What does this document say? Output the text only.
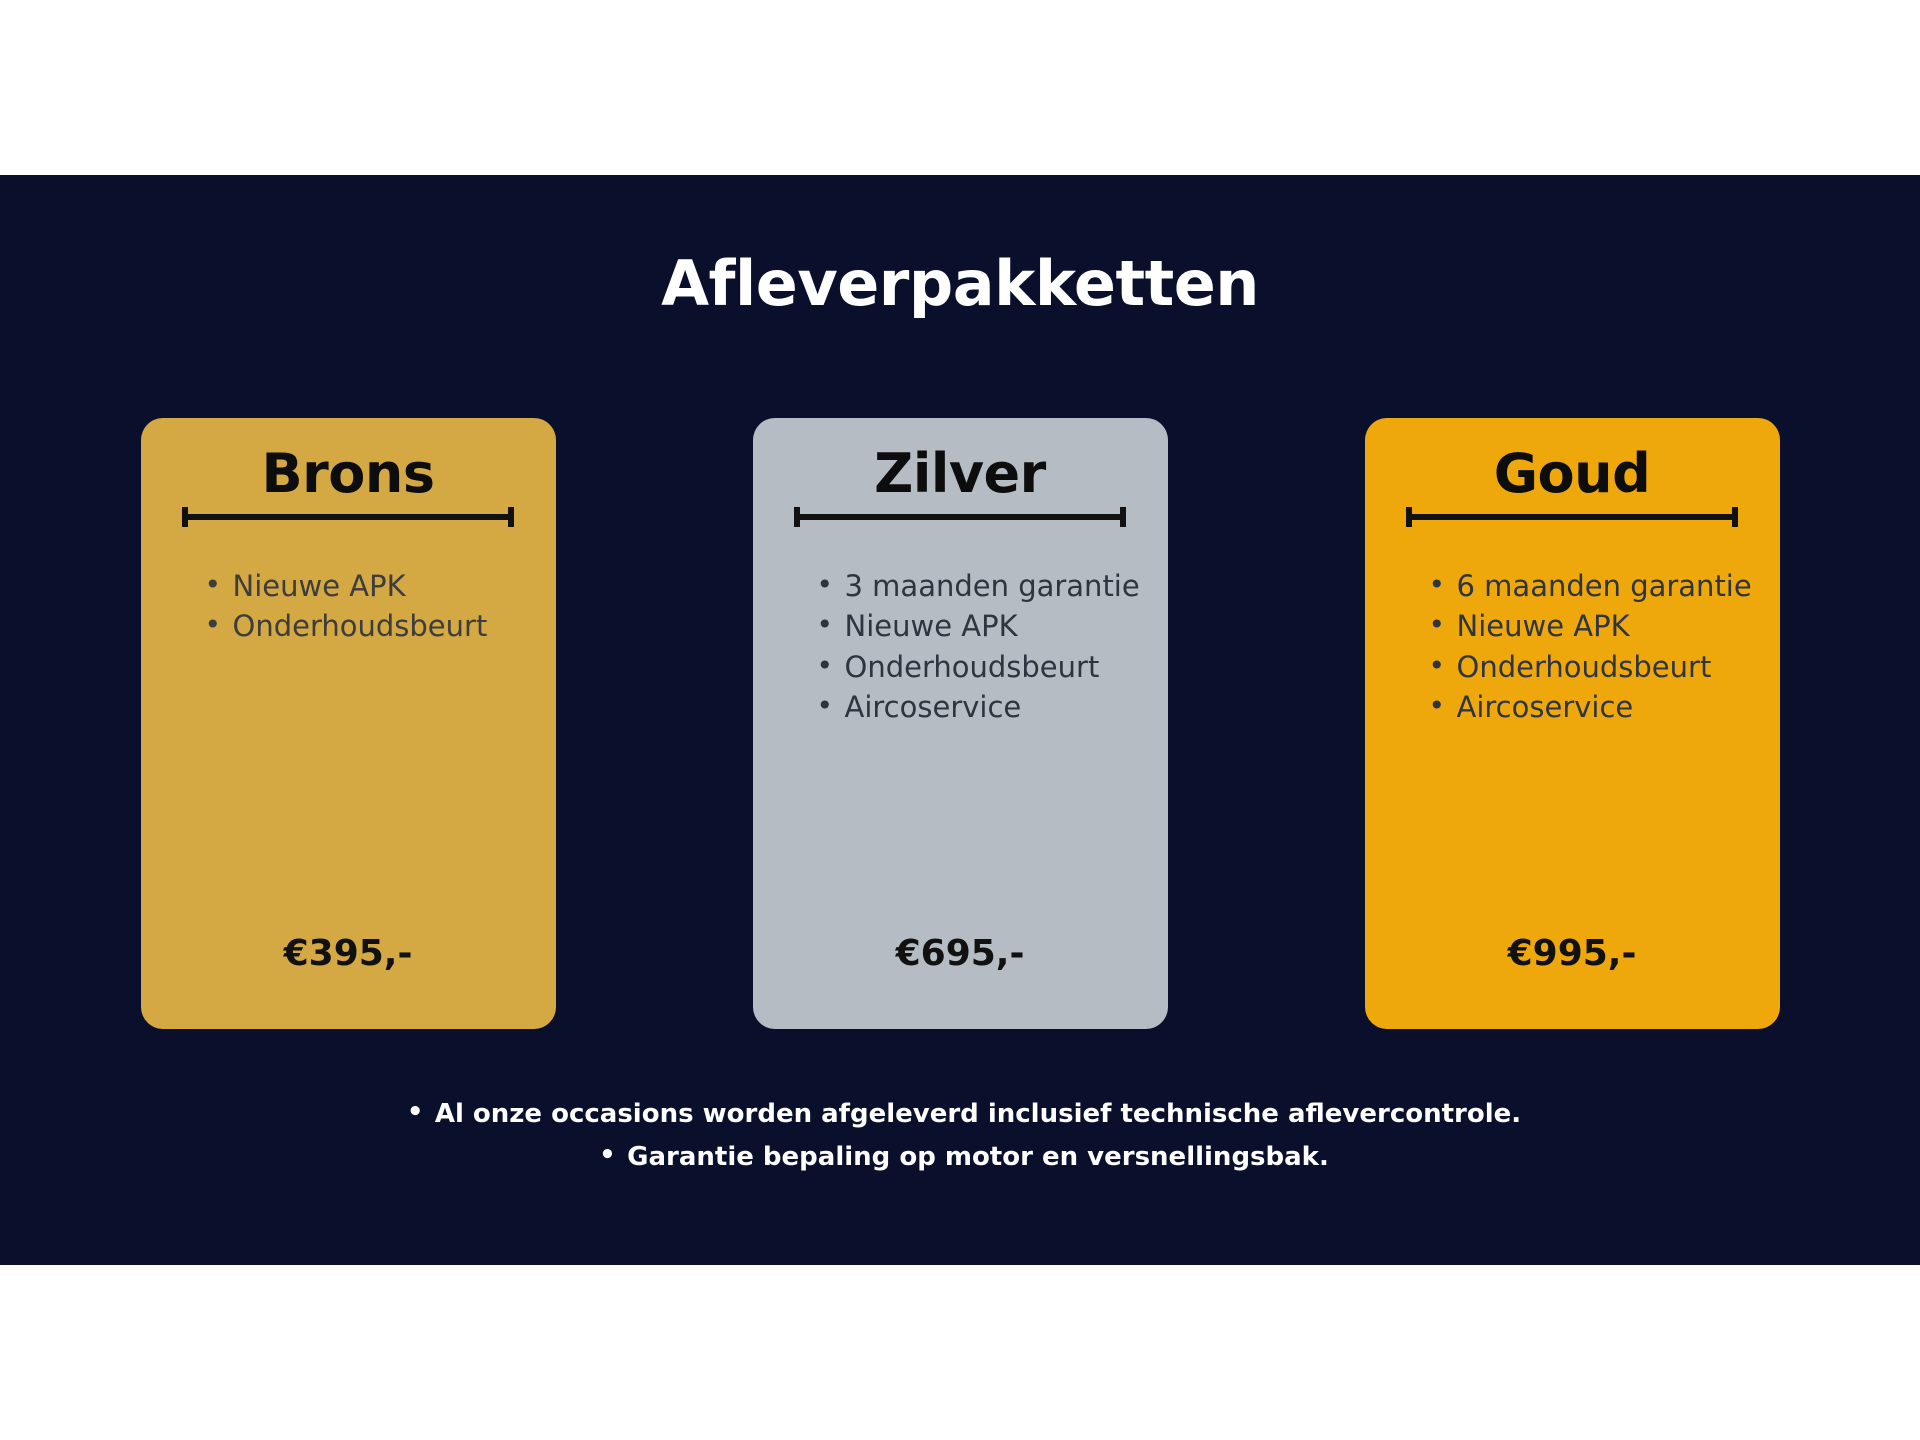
Afleverpakketten
Brons
• Nieuwe APK
• Onderhoudsbeurt
€395,-
Zilver
• 3 maanden garantie
• Nieuwe APK
• Onderhoudsbeurt
• Aircoservice
€695,-
Goud
• 6 maanden garantie
• Nieuwe APK
• Onderhoudsbeurt
• Aircoservice
€995,-
• Al onze occasions worden afgeleverd inclusief technische aflevercontrole.
• Garantie bepaling op motor en versnellingsbak.
